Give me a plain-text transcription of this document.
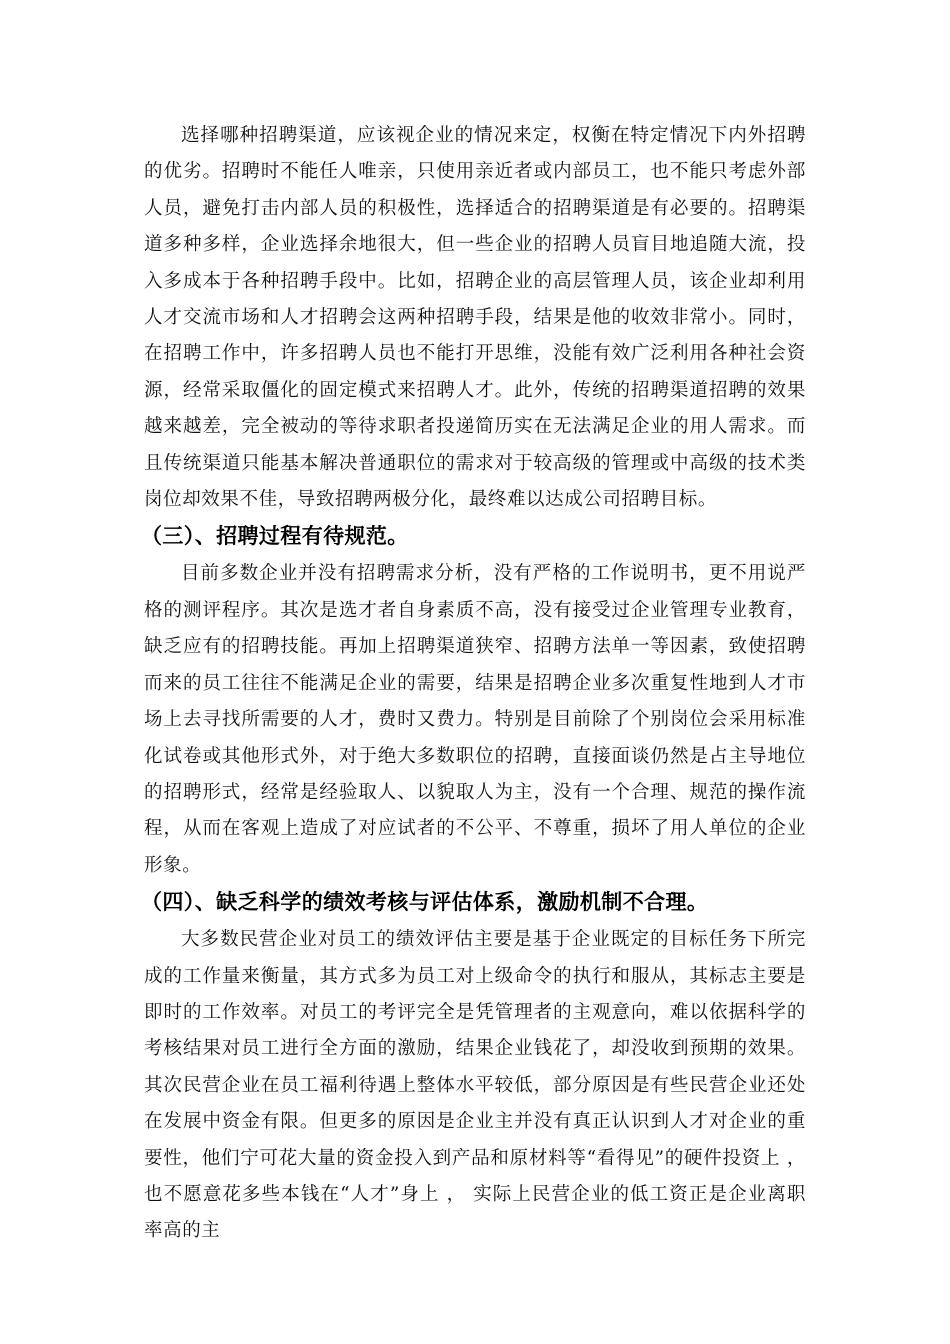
选择哪种招聘渠道，应该视企业的情况来定，权衡在特定情况下内外招聘的优劣。招聘时不能任人唯亲，只使用亲近者或内部员工，也不能只考虑外部人员，避免打击内部人员的积极性，选择适合的招聘渠道是有必要的。招聘渠道多种多样，企业选择余地很大，但一些企业的招聘人员盲目地追随大流，投入多成本于各种招聘手段中。比如，招聘企业的高层管理人员，该企业却利用人才交流市场和人才招聘会这两种招聘手段，结果是他的收效非常小。同时，在招聘工作中，许多招聘人员也不能打开思维，没能有效广泛利用各种社会资源，经常采取僵化的固定模式来招聘人才。此外，传统的招聘渠道招聘的效果越来越差，完全被动的等待求职者投递简历实在无法满足企业的用人需求。而且传统渠道只能基本解决普通职位的需求对于较高级的管理或中高级的技术类岗位却效果不佳，导致招聘两极分化，最终难以达成公司招聘目标。

（三）、招聘过程有待规范。

目前多数企业并没有招聘需求分析，没有严格的工作说明书，更不用说严格的测评程序。其次是选才者自身素质不高，没有接受过企业管理专业教育，缺乏应有的招聘技能。再加上招聘渠道狭窄、招聘方法单一等因素，致使招聘而来的员工往往不能满足企业的需要，结果是招聘企业多次重复性地到人才市场上去寻找所需要的人才，费时又费力。特别是目前除了个别岗位会采用标准化试卷或其他形式外，对于绝大多数职位的招聘，直接面谈仍然是占主导地位的招聘形式，经常是经验取人、以貌取人为主，没有一个合理、规范的操作流程，从而在客观上造成了对应试者的不公平、不尊重，损坏了用人单位的企业形象。

（四）、缺乏科学的绩效考核与评估体系，激励机制不合理。

大多数民营企业对员工的绩效评估主要是基于企业既定的目标任务下所完成的工作量来衡量，其方式多为员工对上级命令的执行和服从，其标志主要是即时的工作效率。对员工的考评完全是凭管理者的主观意向，难以依据科学的考核结果对员工进行全方面的激励，结果企业钱花了，却没收到预期的效果。其次民营企业在员工福利待遇上整体水平较低，部分原因是有些民营企业还处在发展中资金有限。但更多的原因是企业主并没有真正认识到人才对企业的重要性，他们宁可花大量的资金投入到产品和原材料等“看得见”的硬件投资上 ， 也不愿意花多些本钱在“人才”身上 ， 实际上民营企业的低工资正是企业离职率高的主
